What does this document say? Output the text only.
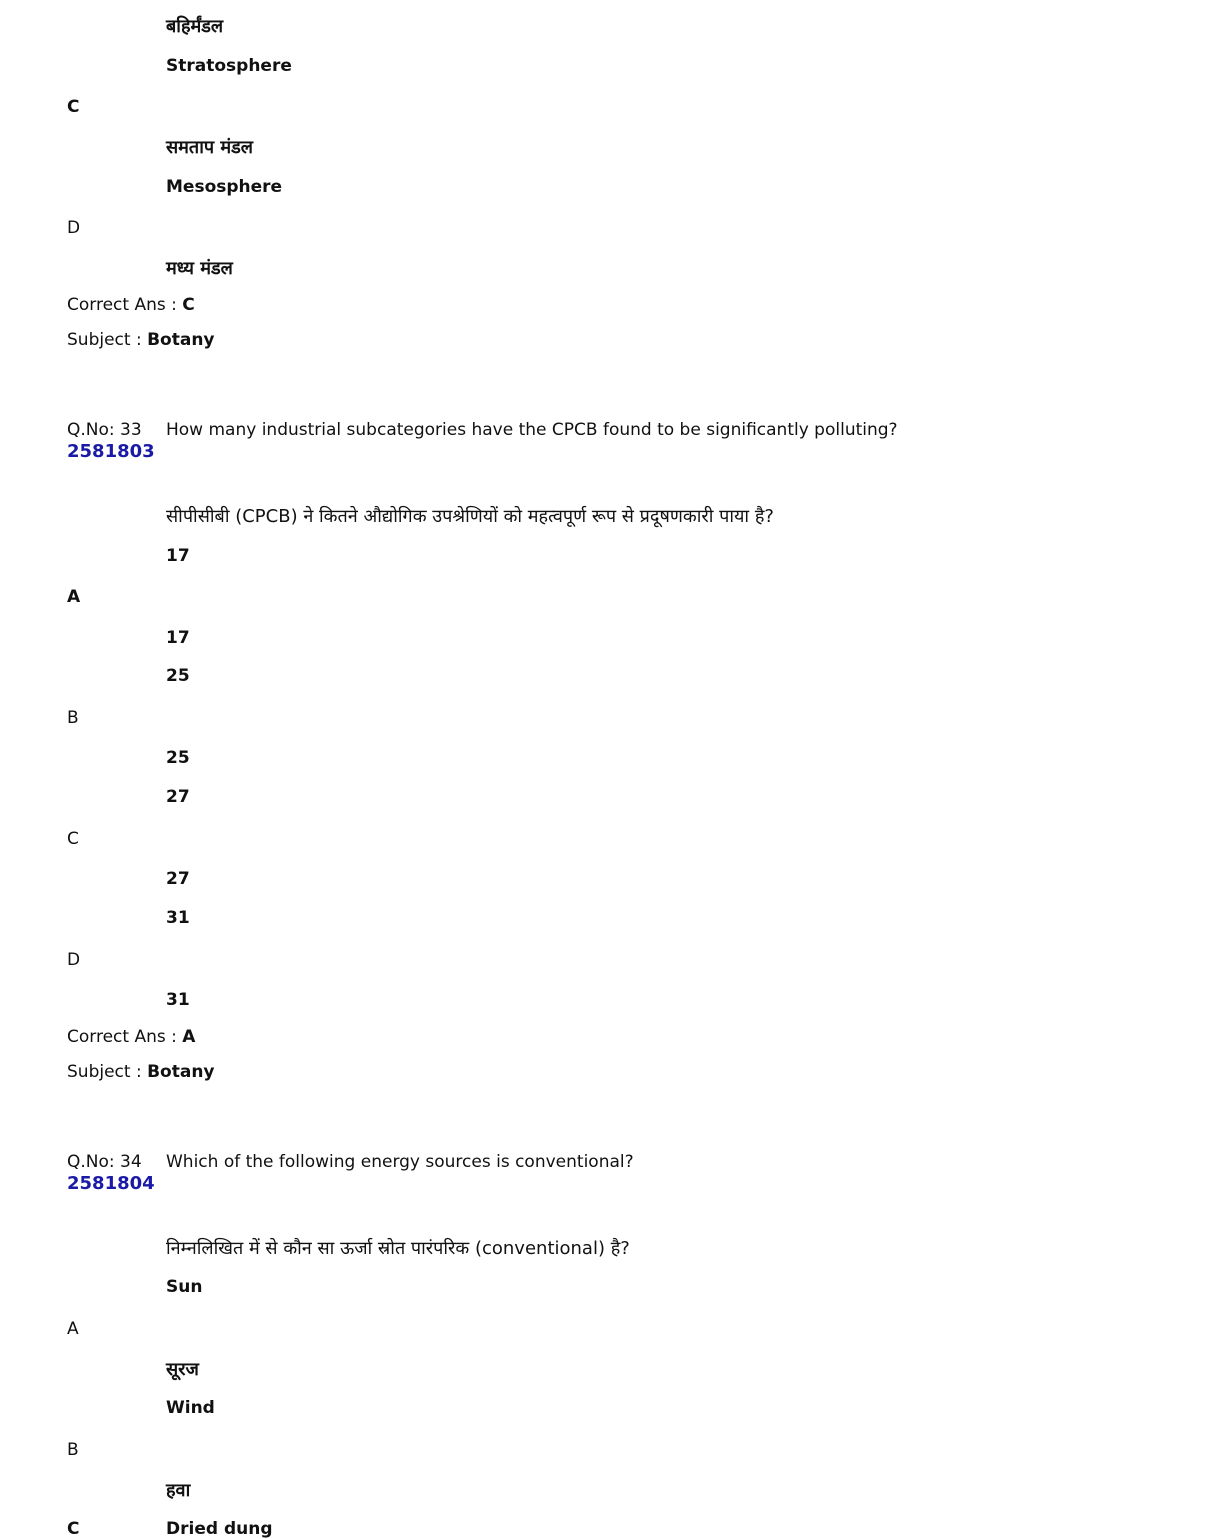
बहिर्मंडल
Stratosphere
C
समताप मंडल
Mesosphere
D
मध्य मंडल
Correct Ans : C
Subject : Botany
Q.No: 33
2581803
How many industrial subcategories have the CPCB found to be significantly polluting?
सीपीसीबी (CPCB) ने कितने औद्योगिक उपश्रेणियों को महत्वपूर्ण रूप से प्रदूषणकारी पाया है?
17
A
17
25
B
25
27
C
27
31
D
31
Correct Ans : A
Subject : Botany
Q.No: 34
2581804
Which of the following energy sources is conventional?
निम्नलिखित में से कौन सा ऊर्जा स्रोत पारंपरिक (conventional) है?
Sun
A
सूरज
Wind
B
हवा
Dried dung
C
